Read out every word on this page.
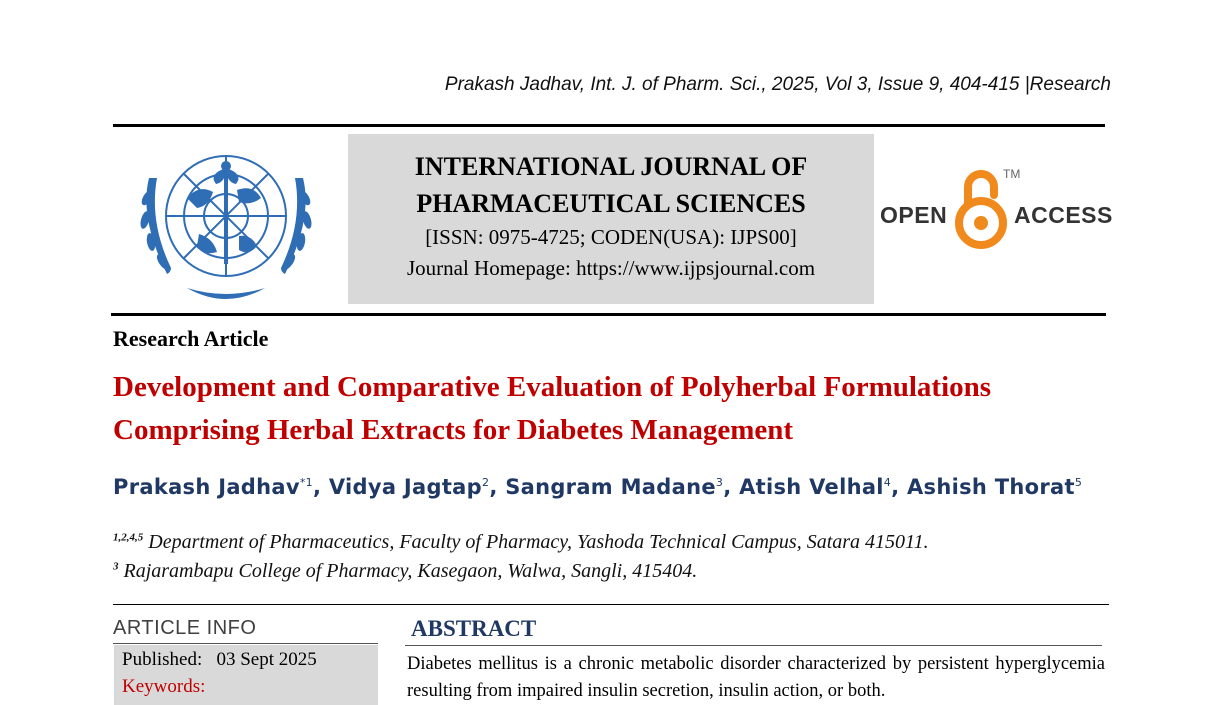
Prakash Jadhav, Int. J. of Pharm. Sci., 2025, Vol 3, Issue 9, 404-415 |Research
INTERNATIONAL JOURNAL OF
PHARMACEUTICAL SCIENCES
[ISSN: 0975-4725; CODEN(USA): IJPS00]
Journal Homepage: https://www.ijpsjournal.com
OPEN
TM
ACCESS
Research Article
Development and Comparative Evaluation of Polyherbal Formulations
Comprising Herbal Extracts for Diabetes Management
Prakash Jadhav$^{*1}$, Vidya Jagtap$^2$, Sangram Madane$^3$, Atish Velhal$^4$, Ashish Thorat$^5$
$^{1,2,4,5}$ Department of Pharmaceutics, Faculty of Pharmacy, Yashoda Technical Campus, Satara 415011.
$^3$ Rajarambapu College of Pharmacy, Kasegaon, Walwa, Sangli, 415404.
ARTICLE INFO
Published: 03 Sept 2025
Keywords:
ABSTRACT
Diabetes mellitus is a chronic metabolic disorder characterized by persistent hyperglycemia resulting from impaired insulin secretion, insulin action, or both.
